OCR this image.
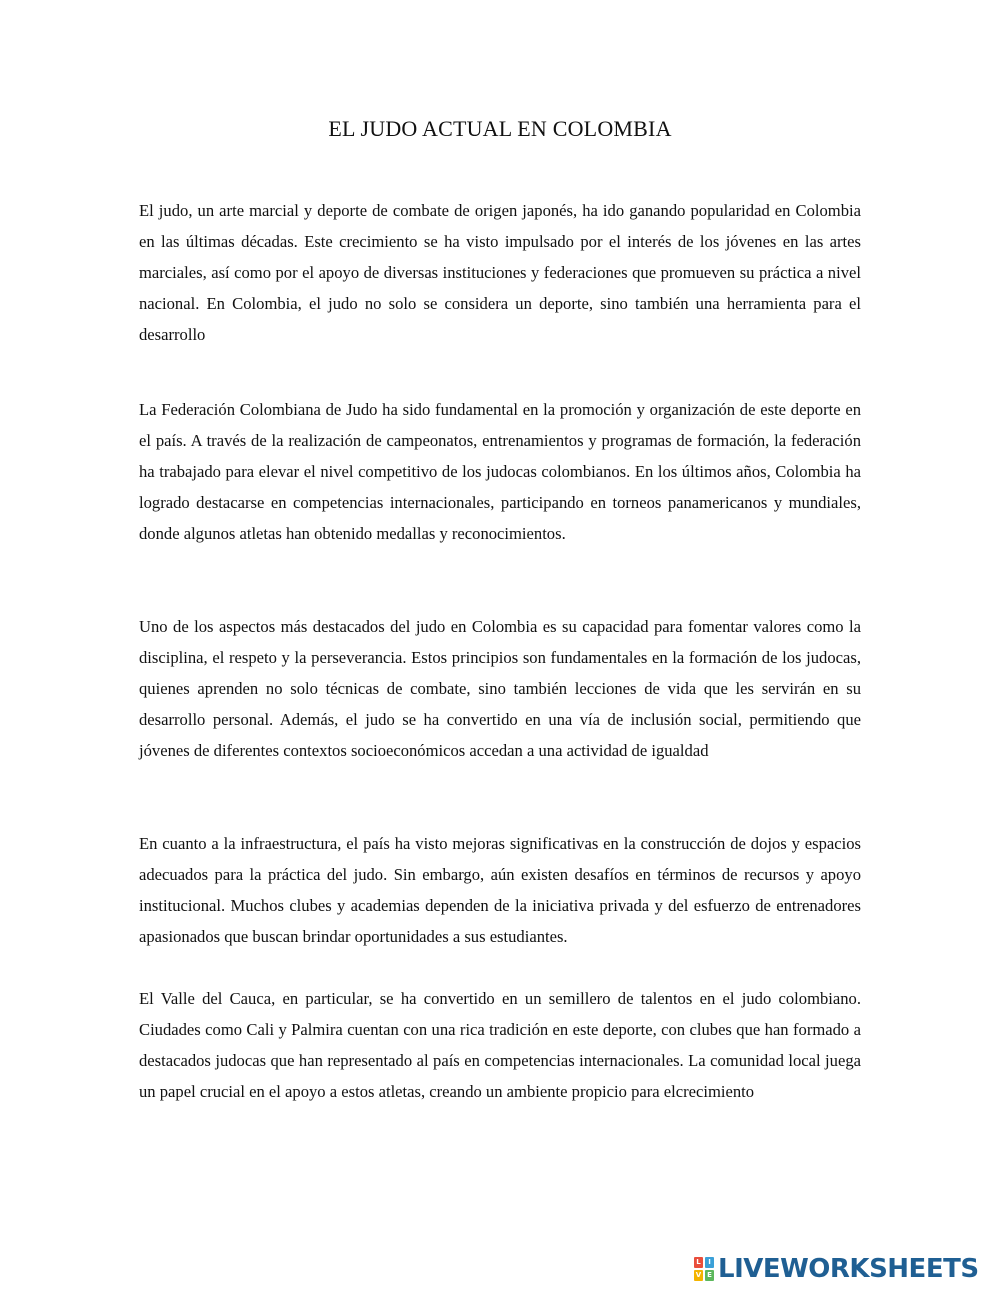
EL JUDO ACTUAL EN COLOMBIA

El judo, un arte marcial y deporte de combate de origen japonés, ha ido ganando popularidad en Colombia en las últimas décadas. Este crecimiento se ha visto impulsado por el interés de los jóvenes en las artes marciales, así como por el apoyo de diversas instituciones y federaciones que promueven su práctica a nivel nacional. En Colombia, el judo no solo se considera un deporte, sino también una herramienta para el desarrollo

La Federación Colombiana de Judo ha sido fundamental en la promoción y organización de este deporte en el país. A través de la realización de campeonatos, entrenamientos y programas de formación, la federación ha trabajado para elevar el nivel competitivo de los judocas colombianos. En los últimos años, Colombia ha logrado destacarse en competencias internacionales, participando en torneos panamericanos y mundiales, donde algunos atletas han obtenido medallas y reconocimientos.

Uno de los aspectos más destacados del judo en Colombia es su capacidad para fomentar valores como la disciplina, el respeto y la perseverancia. Estos principios son fundamentales en la formación de los judocas, quienes aprenden no solo técnicas de combate, sino también lecciones de vida que les servirán en su desarrollo personal. Además, el judo se ha convertido en una vía de inclusión social, permitiendo que jóvenes de diferentes contextos socioeconómicos accedan a una actividad de igualdad

En cuanto a la infraestructura, el país ha visto mejoras significativas en la construcción de dojos y espacios adecuados para la práctica del judo. Sin embargo, aún existen desafíos en términos de recursos y apoyo institucional. Muchos clubes y academias dependen de la iniciativa privada y del esfuerzo de entrenadores apasionados que buscan brindar oportunidades a sus estudiantes.

El Valle del Cauca, en particular, se ha convertido en un semillero de talentos en el judo colombiano. Ciudades como Cali y Palmira cuentan con una rica tradición en este deporte, con clubes que han formado a destacados judocas que han representado al país en competencias internacionales. La comunidad local juega un papel crucial en el apoyo a estos atletas, creando un ambiente propicio para elcrecimiento

L	I
V E LIVEWORKSHEETS
